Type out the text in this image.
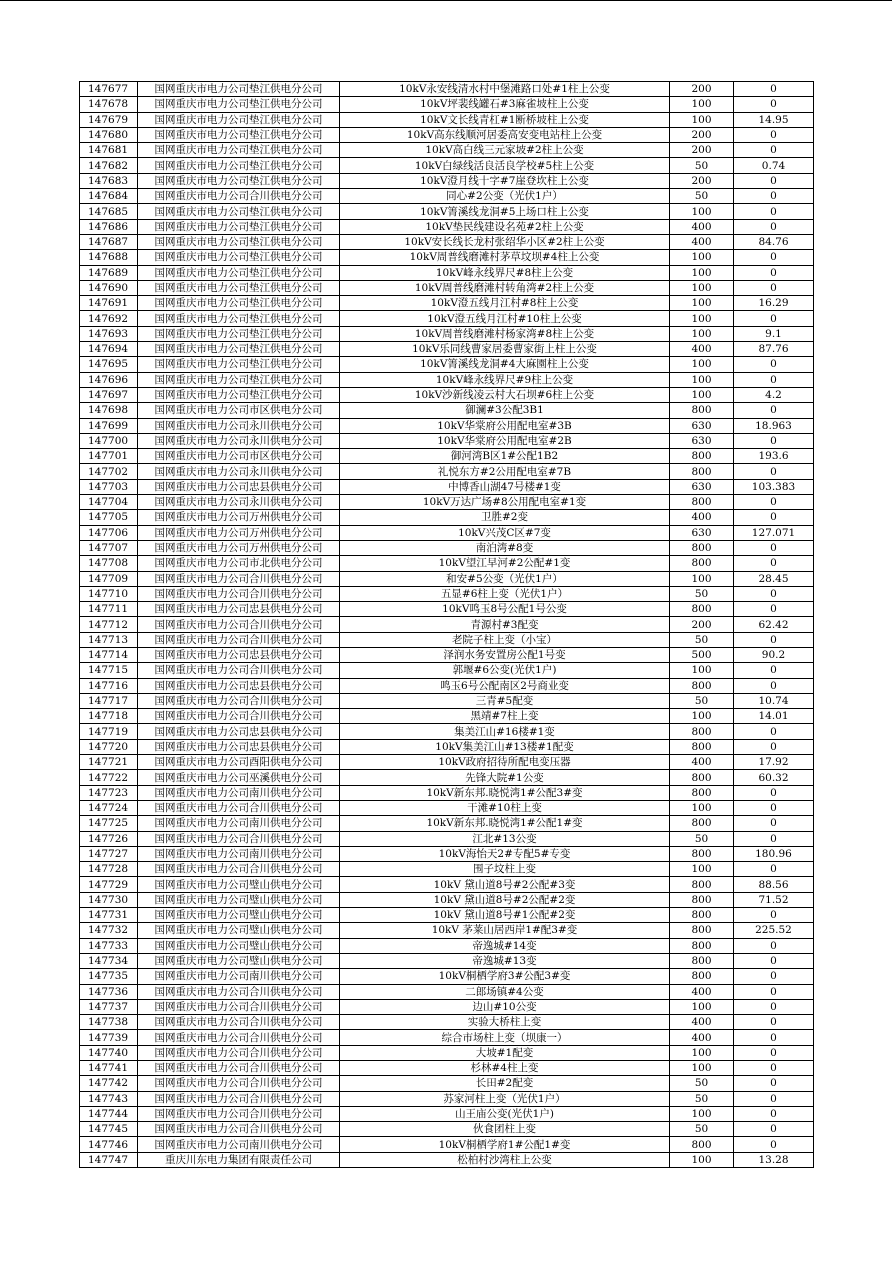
147677	国网重庆市电力公司垫江供电分公司	10kV永安线清水村中堡滩路口处#1柱上公变	200	0
147678	国网重庆市电力公司垫江供电分公司	10kV坪裴线罐石#3麻雀坡柱上公变	100	0
147679	国网重庆市电力公司垫江供电分公司	10kV文长线青杠#1断桥坡柱上公变	100	14.95
147680	国网重庆市电力公司垫江供电分公司	10kV高东线顺河居委高安变电站柱上公变	200	0
147681	国网重庆市电力公司垫江供电分公司	10kV高白线三元家坡#2柱上公变	200	0
147682	国网重庆市电力公司垫江供电分公司	10kV白绿线活良活良学校#5柱上公变	50	0.74
147683	国网重庆市电力公司垫江供电分公司	10kV澄月线十字#7崖登坎柱上公变	200	0
147684	国网重庆市电力公司合川供电分公司	同心#2公变（光伏1户）	50	0
147685	国网重庆市电力公司垫江供电分公司	10kV箐溪线龙洞#5上场口柱上公变	100	0
147686	国网重庆市电力公司垫江供电分公司	10kV垫民线建设名苑#2柱上公变	400	0
147687	国网重庆市电力公司垫江供电分公司	10kV安长线长龙村张绍华小区#2柱上公变	400	84.76
147688	国网重庆市电力公司垫江供电分公司	10kV周普线磨滩村茅草坟坝#4柱上公变	100	0
147689	国网重庆市电力公司垫江供电分公司	10kV峰永线界尺#8柱上公变	100	0
147690	国网重庆市电力公司垫江供电分公司	10kV周普线磨滩村转角湾#2柱上公变	100	0
147691	国网重庆市电力公司垫江供电分公司	10kV澄五线月江村#8柱上公变	100	16.29
147692	国网重庆市电力公司垫江供电分公司	10kV澄五线月江村#10柱上公变	100	0
147693	国网重庆市电力公司垫江供电分公司	10kV周普线磨滩村杨家湾#8柱上公变	100	9.1
147694	国网重庆市电力公司垫江供电分公司	10kV乐同线曹家居委曹家街上柱上公变	400	87.76
147695	国网重庆市电力公司垫江供电分公司	10kV箐溪线龙洞#4大麻園柱上公变	100	0
147696	国网重庆市电力公司垫江供电分公司	10kV峰永线界尺#9柱上公变	100	0
147697	国网重庆市电力公司垫江供电分公司	10kV沙新线凌云村大石坝#6柱上公变	100	4.2
147698	国网重庆市电力公司市区供电分公司	御澜#3公配3B1	800	0
147699	国网重庆市电力公司永川供电分公司	10kV华棠府公用配电室#3B	630	18.963
147700	国网重庆市电力公司永川供电分公司	10kV华棠府公用配电室#2B	630	0
147701	国网重庆市电力公司市区供电分公司	御河湾B区1#公配1B2	800	193.6
147702	国网重庆市电力公司永川供电分公司	礼悦东方#2公用配电室#7B	800	0
147703	国网重庆市电力公司忠县供电分公司	中博香山湖47号楼#1变	630	103.383
147704	国网重庆市电力公司永川供电分公司	10kV万达广场#8公用配电室#1变	800	0
147705	国网重庆市电力公司万州供电分公司	卫胜#2变	400	0
147706	国网重庆市电力公司万州供电分公司	10kV兴茂C区#7变	630	127.071
147707	国网重庆市电力公司万州供电分公司	南泊湾#8变	800	0
147708	国网重庆市电力公司市北供电分公司	10kV望江早河#2公配#1变	800	0
147709	国网重庆市电力公司合川供电分公司	和安#5公变（光伏1户）	100	28.45
147710	国网重庆市电力公司合川供电分公司	五显#6柱上变（光伏1户）	50	0
147711	国网重庆市电力公司忠县供电分公司	10kV鸣玉8号公配1号公变	800	0
147712	国网重庆市电力公司合川供电分公司	青源村#3配变	200	62.42
147713	国网重庆市电力公司合川供电分公司	老院子柱上变（小宝）	50	0
147714	国网重庆市电力公司忠县供电分公司	泽润水务安置房公配1号变	500	90.2
147715	国网重庆市电力公司合川供电分公司	郭堰#6公变(光伏1户)	100	0
147716	国网重庆市电力公司忠县供电分公司	鸣玉6号公配南区2号商业变	800	0
147717	国网重庆市电力公司合川供电分公司	三青#5配变	50	10.74
147718	国网重庆市电力公司合川供电分公司	黑靖#7柱上变	100	14.01
147719	国网重庆市电力公司忠县供电分公司	集美江山#16楼#1变	800	0
147720	国网重庆市电力公司忠县供电分公司	10kV集美江山#13楼#1配变	800	0
147721	国网重庆市电力公司酉阳供电分公司	10kV政府招待所配电变压器	400	17.92
147722	国网重庆市电力公司巫溪供电分公司	先锋大院#1公变	800	60.32
147723	国网重庆市电力公司南川供电分公司	10kV新东邦.晓悦湾1#公配3#变	800	0
147724	国网重庆市电力公司合川供电分公司	干滩#10柱上变	100	0
147725	国网重庆市电力公司南川供电分公司	10kV新东邦.晓悦湾1#公配1#变	800	0
147726	国网重庆市电力公司合川供电分公司	江北#13公变	50	0
147727	国网重庆市电力公司南川供电分公司	10kV海怡天2#专配5#专变	800	180.96
147728	国网重庆市电力公司合川供电分公司	围子坟柱上变	100	0
147729	国网重庆市电力公司璧山供电分公司	10kV 黛山道8号#2公配#3变	800	88.56
147730	国网重庆市电力公司璧山供电分公司	10kV 黛山道8号#2公配#2变	800	71.52
147731	国网重庆市电力公司璧山供电分公司	10kV 黛山道8号#1公配#2变	800	0
147732	国网重庆市电力公司璧山供电分公司	10kV 茅莱山居西岸1#配3#变	800	225.52
147733	国网重庆市电力公司璧山供电分公司	帝逸城#14变	800	0
147734	国网重庆市电力公司璧山供电分公司	帝逸城#13变	800	0
147735	国网重庆市电力公司南川供电分公司	10kV桐栖学府3#公配3#变	800	0
147736	国网重庆市电力公司合川供电分公司	二郎场镇#4公变	400	0
147737	国网重庆市电力公司合川供电分公司	边山#10公变	100	0
147738	国网重庆市电力公司合川供电分公司	实验大桥柱上变	400	0
147739	国网重庆市电力公司合川供电分公司	综合市场柱上变（坝康一）	400	0
147740	国网重庆市电力公司合川供电分公司	大坡#1配变	100	0
147741	国网重庆市电力公司合川供电分公司	杉林#4柱上变	100	0
147742	国网重庆市电力公司合川供电分公司	长田#2配变	50	0
147743	国网重庆市电力公司合川供电分公司	苏家河柱上变（光伏1户）	50	0
147744	国网重庆市电力公司合川供电分公司	山王庙公变(光伏1户)	100	0
147745	国网重庆市电力公司合川供电分公司	伙食团柱上变	50	0
147746	国网重庆市电力公司南川供电分公司	10kV桐栖学府1#公配1#变	800	0
147747	重庆川东电力集团有限责任公司	松柏村沙湾柱上公变	100	13.28
